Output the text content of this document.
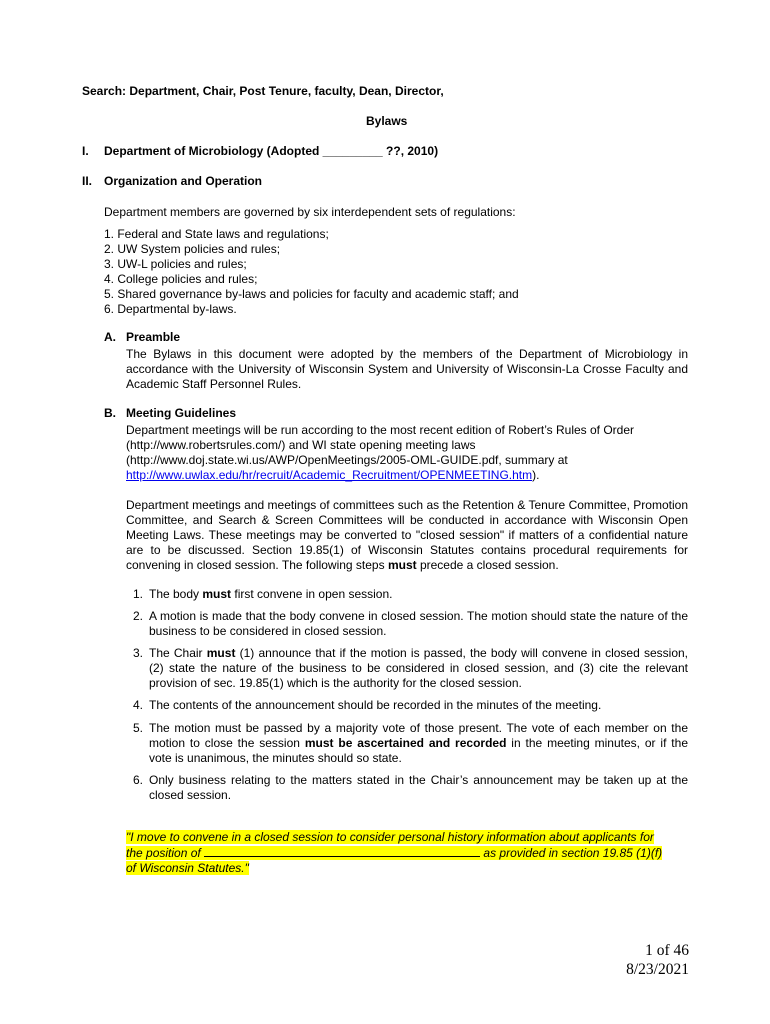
Search: Department, Chair, Post Tenure, faculty, Dean, Director,
Bylaws
I. Department of Microbiology (Adopted _________ ??, 2010)
II. Organization and Operation
Department members are governed by six interdependent sets of regulations:
1. Federal and State laws and regulations;
2. UW System policies and rules;
3. UW-L policies and rules;
4. College policies and rules;
5. Shared governance by-laws and policies for faculty and academic staff; and
6. Departmental by-laws.
A. Preamble
The Bylaws in this document were adopted by the members of the Department of Microbiology in accordance with the University of Wisconsin System and University of Wisconsin-La Crosse Faculty and Academic Staff Personnel Rules.
B. Meeting Guidelines
Department meetings will be run according to the most recent edition of Robert’s Rules of Order
(http://www.robertsrules.com/) and WI state opening meeting laws
(http://www.doj.state.wi.us/AWP/OpenMeetings/2005-OML-GUIDE.pdf, summary at
http://www.uwlax.edu/hr/recruit/Academic_Recruitment/OPENMEETING.htm).
Department meetings and meetings of committees such as the Retention & Tenure Committee, Promotion Committee, and Search & Screen Committees will be conducted in accordance with Wisconsin Open Meeting Laws. These meetings may be converted to "closed session" if matters of a confidential nature are to be discussed. Section 19.85(1) of Wisconsin Statutes contains procedural requirements for convening in closed session. The following steps must precede a closed session.
1. The body must first convene in open session.
2. A motion is made that the body convene in closed session. The motion should state the nature of the business to be considered in closed session.
3. The Chair must (1) announce that if the motion is passed, the body will convene in closed session, (2) state the nature of the business to be considered in closed session, and (3) cite the relevant provision of sec. 19.85(1) which is the authority for the closed session.
4. The contents of the announcement should be recorded in the minutes of the meeting.
5. The motion must be passed by a majority vote of those present. The vote of each member on the motion to close the session must be ascertained and recorded in the meeting minutes, or if the vote is unanimous, the minutes should so state.
6. Only business relating to the matters stated in the Chair’s announcement may be taken up at the closed session.
"I move to convene in a closed session to consider personal history information about applicants for
the position of	as provided in section 19.85 (1)(f)
of Wisconsin Statutes."
1 of 46
8/23/2021
